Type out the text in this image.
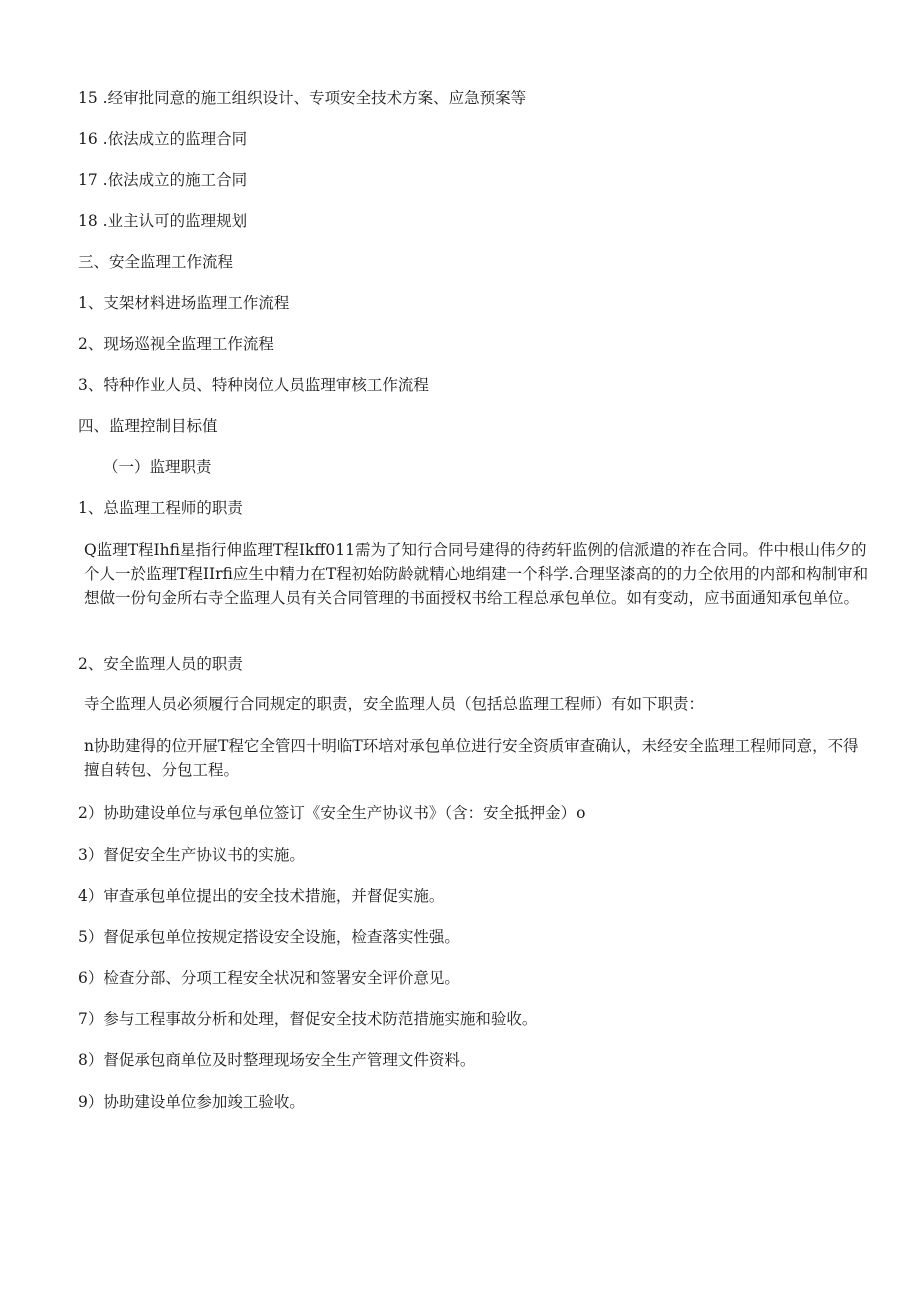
15 .经审批同意的施工组织设计、专项安全技术方案、应急预案等
16 .依法成立的监理合同
17 .依法成立的施工合同
18 .业主认可的监理规划
三、安全监理工作流程
1、支架材料进场监理工作流程
2、现场巡视全监理工作流程
3、特种作业人员、特种岗位人员监理审核工作流程
四、监理控制目标值
（一）监理职责
1、总监理工程师的职责
Q监理T程Ihfi星指行伸监理T程Ikff011需为了知行合同号建得的待药轩监例的信派遣的祚在合同。件中根山伟夕的个人一於监理T程IIrfi应生中精力在T程初始防龄就精心地绢建一个科学.合理坚漆高的的力仝依用的内部和构制审和想做一份句金所右寺仝监理人员有关合同管理的书面授权书给工程总承包单位。如有变动，应书面通知承包单位。
2、安全监理人员的职责
寺仝监理人员必须履行合同规定的职责，安全监理人员（包括总监理工程师）有如下职责：
n协助建得的位开屉T程它全管四十明临T环培对承包单位进行安全资质审查确认，未经安全监理工程师同意，不得擅自转包、分包工程。
2）协助建设单位与承包单位签订《安全生产协议书》（含：安全抵押金）o
3）督促安全生产协议书的实施。
4）审查承包单位提出的安全技术措施，并督促实施。
5）督促承包单位按规定搭设安全设施，检查落实性强。
6）检查分部、分项工程安全状况和签署安全评价意见。
7）参与工程事故分析和处理，督促安全技术防范措施实施和验收。
8）督促承包商单位及时整理现场安全生产管理文件资料。
9）协助建设单位参加竣工验收。
